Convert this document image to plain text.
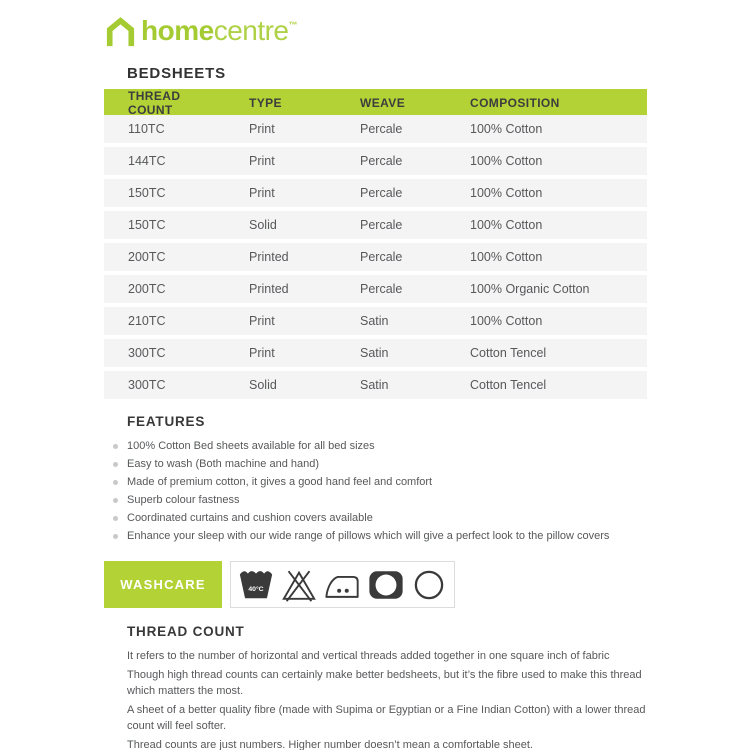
home centre ™
BEDSHEETS
THREAD COUNT	TYPE	WEAVE	COMPOSITION
110TC	Print	Percale	100% Cotton
144TC	Print	Percale	100% Cotton
150TC	Print	Percale	100% Cotton
150TC	Solid	Percale	100% Cotton
200TC	Printed	Percale	100% Cotton
200TC	Printed	Percale	100% Organic Cotton
210TC	Print	Satin	100% Cotton
300TC	Print	Satin	Cotton Tencel
300TC	Solid	Satin	Cotton Tencel
FEATURES
100% Cotton Bed sheets available for all bed sizes
Easy to wash (Both machine and hand)
Made of premium cotton, it gives a good hand feel and comfort
Superb colour fastness
Coordinated curtains and cushion covers available
Enhance your sleep with our wide range of pillows which will give a perfect look to the pillow covers
WASHCARE	40°C
THREAD COUNT

It refers to the number of horizontal and vertical threads added together in one square inch of fabric

Though high thread counts can certainly make better bedsheets, but it’s the fibre used to make this thread which matters the most.

A sheet of a better quality fibre (made with Supima or Egyptian or a Fine Indian Cotton) with a lower thread count will feel softer.

Thread counts are just numbers. Higher number doesn’t mean a comfortable sheet.
